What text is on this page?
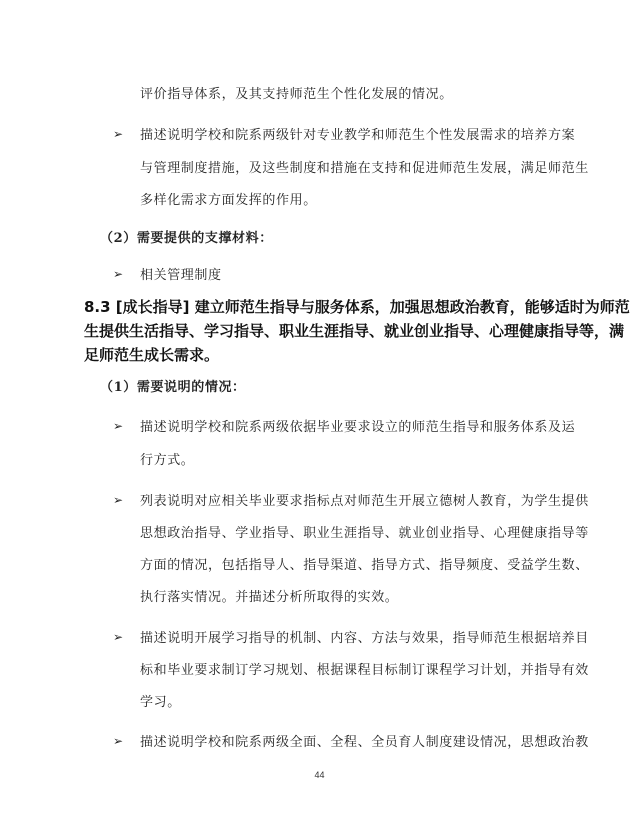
评价指导体系，及其支持师范生个性化发展的情况。
➢ 描述说明学校和院系两级针对专业教学和师范生个性发展需求的培养方案
与管理制度措施，及这些制度和措施在支持和促进师范生发展，满足师范生
多样化需求方面发挥的作用。
（2）需要提供的支撑材料：
➢ 相关管理制度
8.3 [成长指导] 建立师范生指导与服务体系，加强思想政治教育，能够适时为师范
生提供生活指导、学习指导、职业生涯指导、就业创业指导、心理健康指导等，满
足师范生成长需求。
（1）需要说明的情况：
➢ 描述说明学校和院系两级依据毕业要求设立的师范生指导和服务体系及运
行方式。
➢ 列表说明对应相关毕业要求指标点对师范生开展立德树人教育，为学生提供
思想政治指导、学业指导、职业生涯指导、就业创业指导、心理健康指导等
方面的情况，包括指导人、指导渠道、指导方式、指导频度、受益学生数、
执行落实情况。并描述分析所取得的实效。
➢ 描述说明开展学习指导的机制、内容、方法与效果，指导师范生根据培养目
标和毕业要求制订学习规划、根据课程目标制订课程学习计划，并指导有效
学习。
➢ 描述说明学校和院系两级全面、全程、全员育人制度建设情况，思想政治教
44
